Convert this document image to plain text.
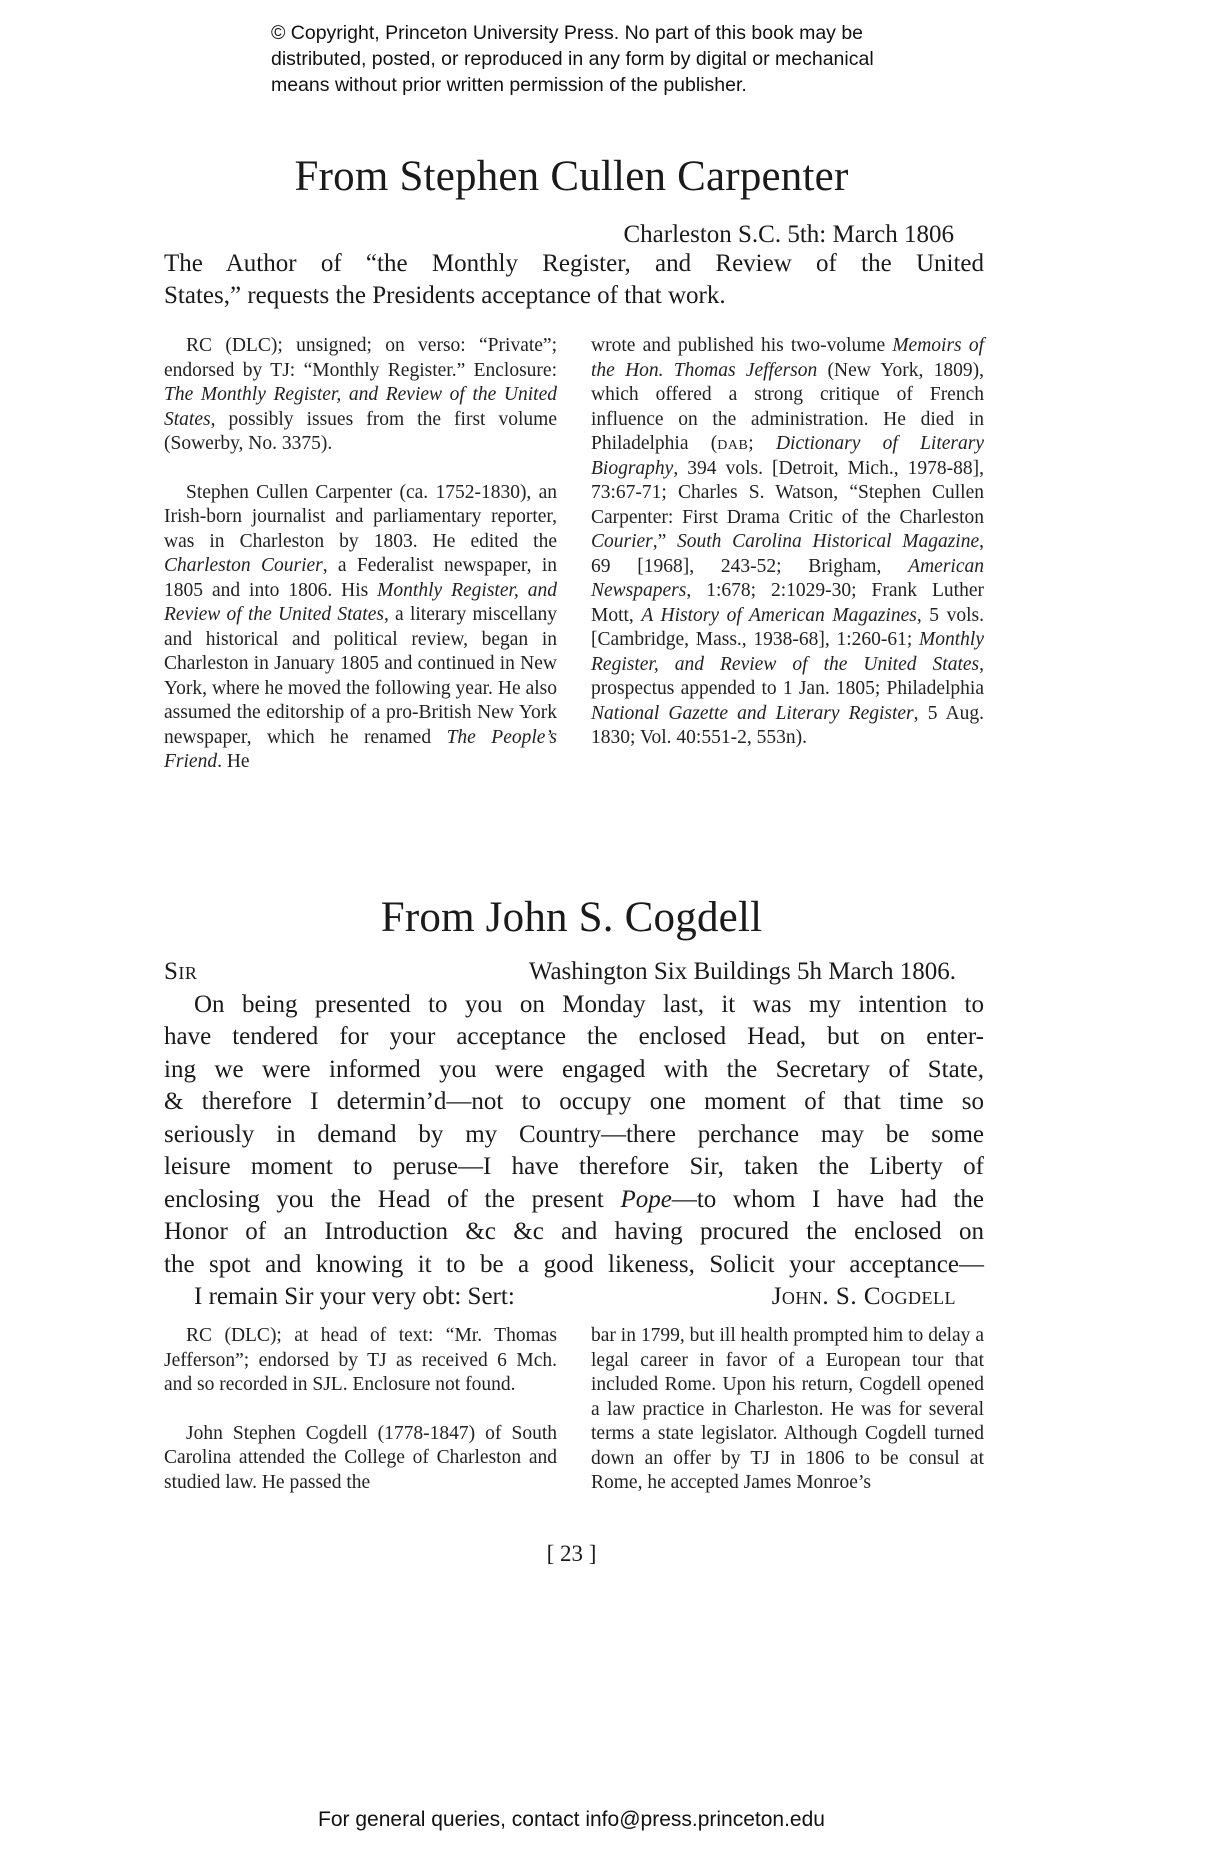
© Copyright, Princeton University Press. No part of this book may be
distributed, posted, or reproduced in any form by digital or mechanical
means without prior written permission of the publisher.
From Stephen Cullen Carpenter
Charleston S.C. 5th: March 1806
The Author of “the Monthly Register, and Review of the United
States,” requests the Presidents acceptance of that work.

RC (DLC); unsigned; on verso: “Private”; endorsed by TJ: “Monthly Register.” Enclosure: The Monthly Register, and Review of the United States, possibly issues from the first volume (Sowerby, No. 3375).

Stephen Cullen Carpenter (ca. 1752-1830), an Irish-born journalist and parliamentary reporter, was in Charleston by 1803. He edited the Charleston Courier, a Federalist newspaper, in 1805 and into 1806. His Monthly Register, and Review of the United States, a literary miscellany and historical and political review, began in Charleston in January 1805 and continued in New York, where he moved the following year. He also assumed the editorship of a pro-British New York newspaper, which he renamed The People’s Friend. He

wrote and published his two-volume Memoirs of the Hon. Thomas Jefferson (New York, 1809), which offered a strong critique of French influence on the administration. He died in Philadelphia (dab; Dictionary of Literary Biography, 394 vols. [Detroit, Mich., 1978-88], 73:67-71; Charles S. Watson, “Stephen Cullen Carpenter: First Drama Critic of the Charleston Courier,” South Carolina Historical Magazine, 69 [1968], 243-52; Brigham, American Newspapers, 1:678; 2:1029-30; Frank Luther Mott, A History of American Magazines, 5 vols. [Cambridge, Mass., 1938-68], 1:260-61; Monthly Register, and Review of the United States, prospectus appended to 1 Jan. 1805; Philadelphia National Gazette and Literary Register, 5 Aug. 1830; Vol. 40:551-2, 553n).

From John S. Cogdell
Sir	Washington Six Buildings 5h March 1806.
On being presented to you on Monday last, it was my intention to
have tendered for your acceptance the enclosed Head, but on enter-
ing we were informed you were engaged with the Secretary of State,
& therefore I determin’d—not to occupy one moment of that time so
seriously in demand by my Country—there perchance may be some
leisure moment to peruse—I have therefore Sir, taken the Liberty of
enclosing you the Head of the present Pope—to whom I have had the
Honor of an Introduction &c &c and having procured the enclosed on
the spot and knowing it to be a good likeness, Solicit your acceptance—
I remain Sir your very obt: Sert:	John. S. Cogdell

RC (DLC); at head of text: “Mr. Thomas Jefferson”; endorsed by TJ as received 6 Mch. and so recorded in SJL. Enclosure not found.

John Stephen Cogdell (1778-1847) of South Carolina attended the College of Charleston and studied law. He passed the

bar in 1799, but ill health prompted him to delay a legal career in favor of a European tour that included Rome. Upon his return, Cogdell opened a law practice in Charleston. He was for several terms a state legislator. Although Cogdell turned down an offer by TJ in 1806 to be consul at Rome, he accepted James Monroe’s

[ 23 ]
For general queries, contact info@press.princeton.edu
